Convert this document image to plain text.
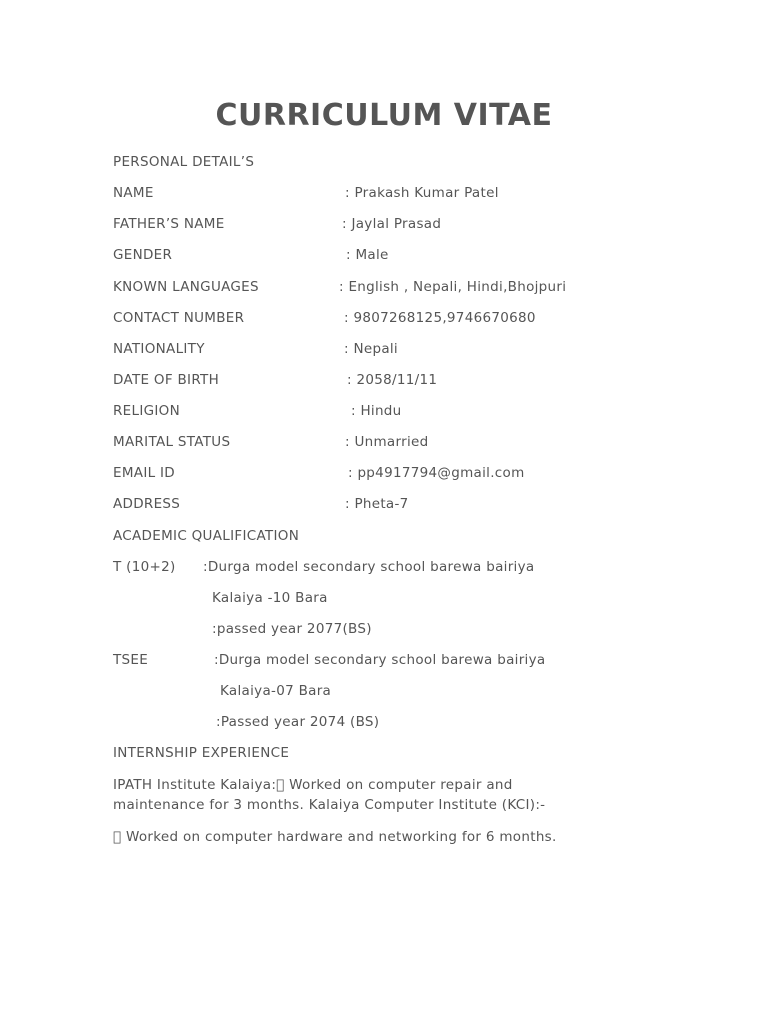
CURRICULUM VITAE
PERSONAL DETAIL’S
NAME	: Prakash Kumar Patel
FATHER’S NAME	: Jaylal Prasad
GENDER	: Male
KNOWN LANGUAGES	: English , Nepali, Hindi,Bhojpuri
CONTACT NUMBER	: 9807268125,9746670680
NATIONALITY	: Nepali
DATE OF BIRTH	: 2058/11/11
RELIGION	: Hindu
MARITAL STATUS	: Unmarried
EMAIL ID	: pp4917794@gmail.com
ADDRESS	: Pheta-7
ACADEMIC QUALIFICATION
T (10+2) :Durga model secondary school barewa bairiya
Kalaiya -10 Bara
:passed year 2077(BS)
TSEE	:Durga model secondary school barewa bairiya
Kalaiya-07 Bara
:Passed year 2074 (BS)
INTERNSHIP EXPERIENCE
IPATH Institute Kalaiya: Worked on computer repair and maintenance for 3 months. Kalaiya Computer Institute (KCI):-
Worked on computer hardware and networking for 6 months.
